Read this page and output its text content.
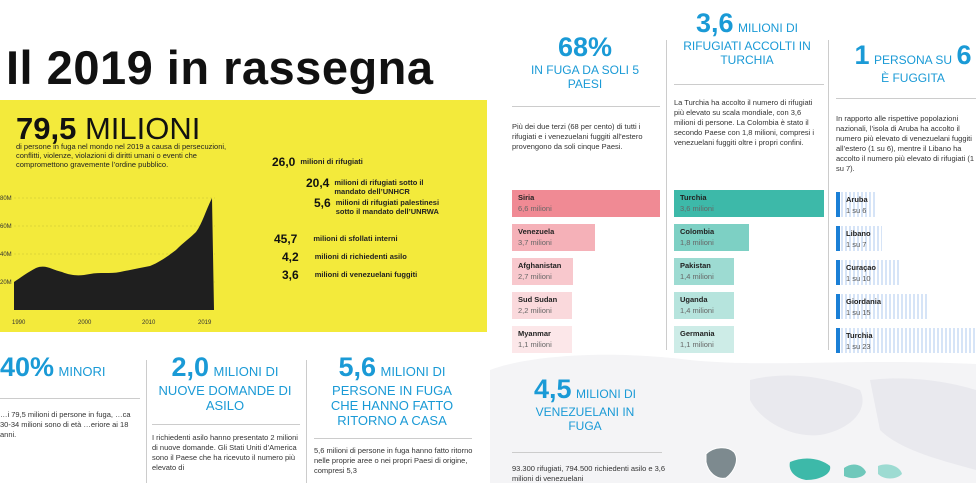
Il 2019 in rassegna
79,5 MILIONI
di persone in fuga nel mondo nel 2019 a causa di persecuzioni, conflitti, violenze, violazioni di diritti umani o eventi che compromettono gravemente l’ordine pubblico.
80M
60M
40M
20M
1990	2000	2010	2019
26,0 milioni di rifugiati
20,4 milioni di rifugiati sotto il mandato dell’UNHCR
5,6 milioni di rifugiati palestinesi sotto il mandato dell’UNRWA
45,7 milioni di sfollati interni
4,2 milioni di richiedenti asilo
3,6 milioni di venezuelani fuggiti
40% MINORI
…i 79,5 milioni di persone in fuga, …ca 30-34 milioni sono di età …eriore ai 18 anni.
2,0 MILIONI DI
NUOVE DOMANDE DI
ASILO
I richiedenti asilo hanno presentato 2 milioni di nuove domande. Gli Stati Uniti d’America sono il Paese che ha ricevuto il numero più elevato di
5,6 MILIONI DI
PERSONE IN FUGA
CHE HANNO FATTO
RITORNO A CASA
5,6 milioni di persone in fuga hanno fatto ritorno nelle proprie aree o nei propri Paesi di origine, compresi 5,3
68%
IN FUGA DA SOLI 5
PAESI
Più dei due terzi (68 per cento) di tutti i rifugiati e i venezuelani fuggiti all’estero provengono da soli cinque Paesi.
Siria
6,6 milioni
Venezuela
3,7 milioni
Afghanistan
2,7 milioni
Sud Sudan
2,2 milioni
Myanmar
1,1 milioni
3,6 MILIONI DI
RIFUGIATI ACCOLTI IN
TURCHIA
La Turchia ha accolto il numero di rifugiati più elevato su scala mondiale, con 3,6 milioni di persone. La Colombia è stato il secondo Paese con 1,8 milioni, compresi i venezuelani fuggiti oltre i propri confini.
Turchia
3,6 milioni
Colombia
1,8 milioni
Pakistan
1,4 milioni
Uganda
1,4 milioni
Germania
1,1 milioni
1 PERSONA SU 6
È FUGGITA
In rapporto alle rispettive popolazioni nazionali, l’isola di Aruba ha accolto il numero più elevato di venezuelani fuggiti all’estero (1 su 6), mentre il Libano ha accolto il numero più elevato di rifugiati (1 su 7).
Aruba
1 su 6
Libano
1 su 7
Curaçao
1 su 10
Giordania
1 su 15
Turchia
1 su 23
4,5 MILIONI DI
VENEZUELANI IN
FUGA
93.300 rifugiati, 794.500 richiedenti asilo e 3,6 milioni di venezuelani
